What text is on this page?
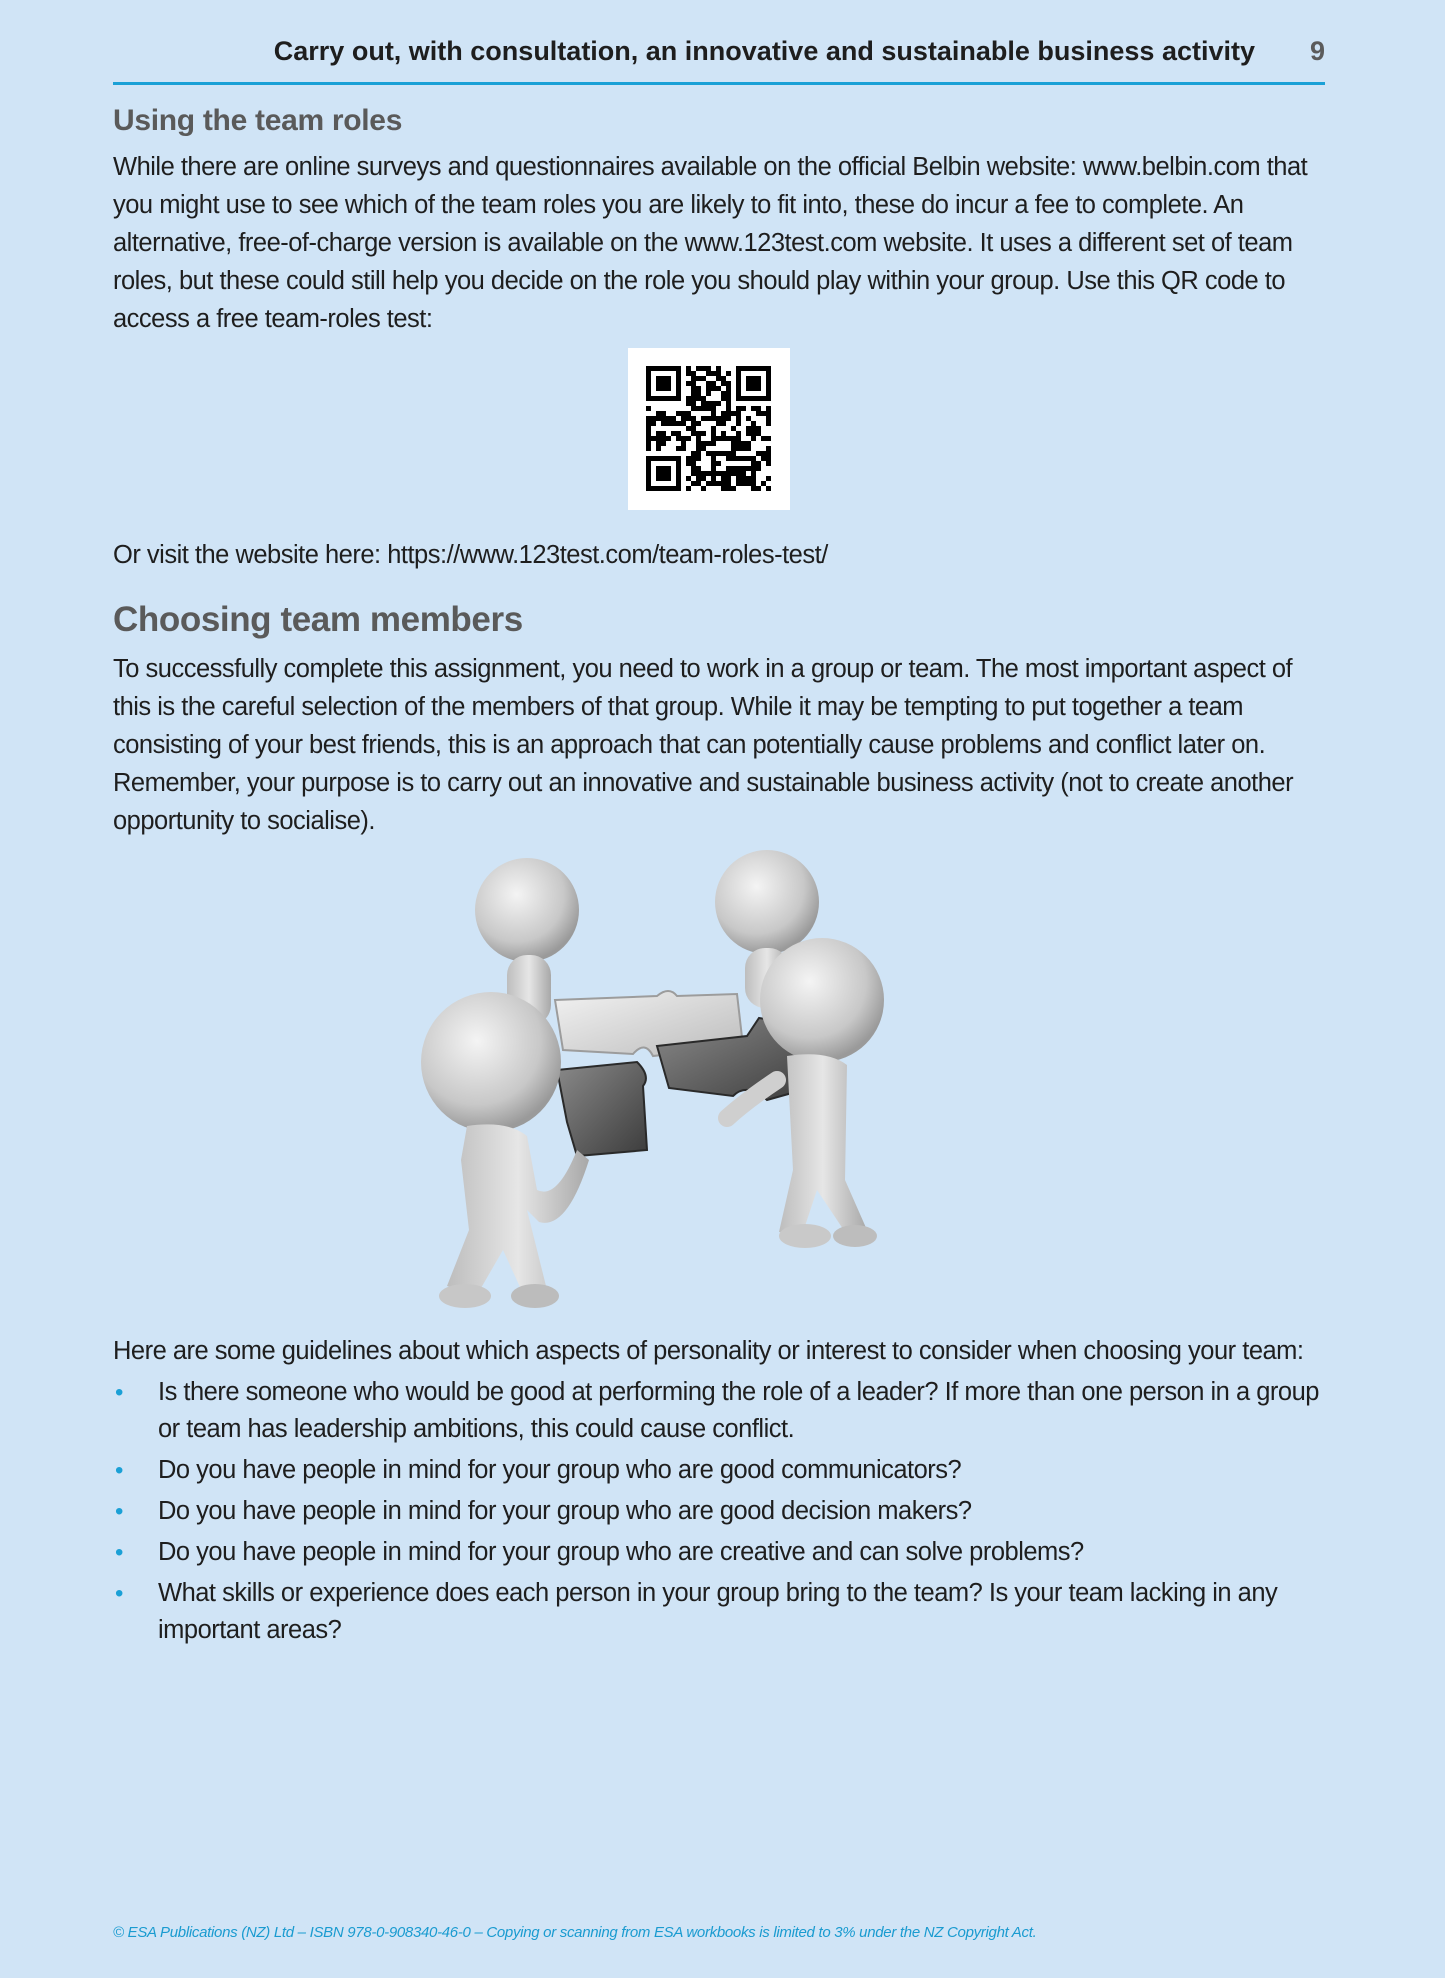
Carry out, with consultation, an innovative and sustainable business activity 9
Using the team roles

While there are online surveys and questionnaires available on the official Belbin website: www.belbin.com that you might use to see which of the team roles you are likely to fit into, these do incur a fee to complete. An alternative, free-of-charge version is available on the www.123test.com website. It uses a different set of team roles, but these could still help you decide on the role you should play within your group. Use this QR code to access a free team-roles test:

Or visit the website here: https://www.123test.com/team-roles-test/

Choosing team members

To successfully complete this assignment, you need to work in a group or team. The most important aspect of this is the careful selection of the members of that group. While it may be tempting to put together a team consisting of your best friends, this is an approach that can potentially cause problems and conflict later on. Remember, your purpose is to carry out an innovative and sustainable business activity (not to create another opportunity to socialise).

Here are some guidelines about which aspects of personality or interest to consider when choosing your team:

• Is there someone who would be good at performing the role of a leader? If more than one person in a group or team has leadership ambitions, this could cause conflict.
• Do you have people in mind for your group who are good communicators?
• Do you have people in mind for your group who are good decision makers?
• Do you have people in mind for your group who are creative and can solve problems?
• What skills or experience does each person in your group bring to the team? Is your team lacking in any important areas?
© ESA Publications (NZ) Ltd – ISBN 978-0-908340-46-0 – Copying or scanning from ESA workbooks is limited to 3% under the NZ Copyright Act.
